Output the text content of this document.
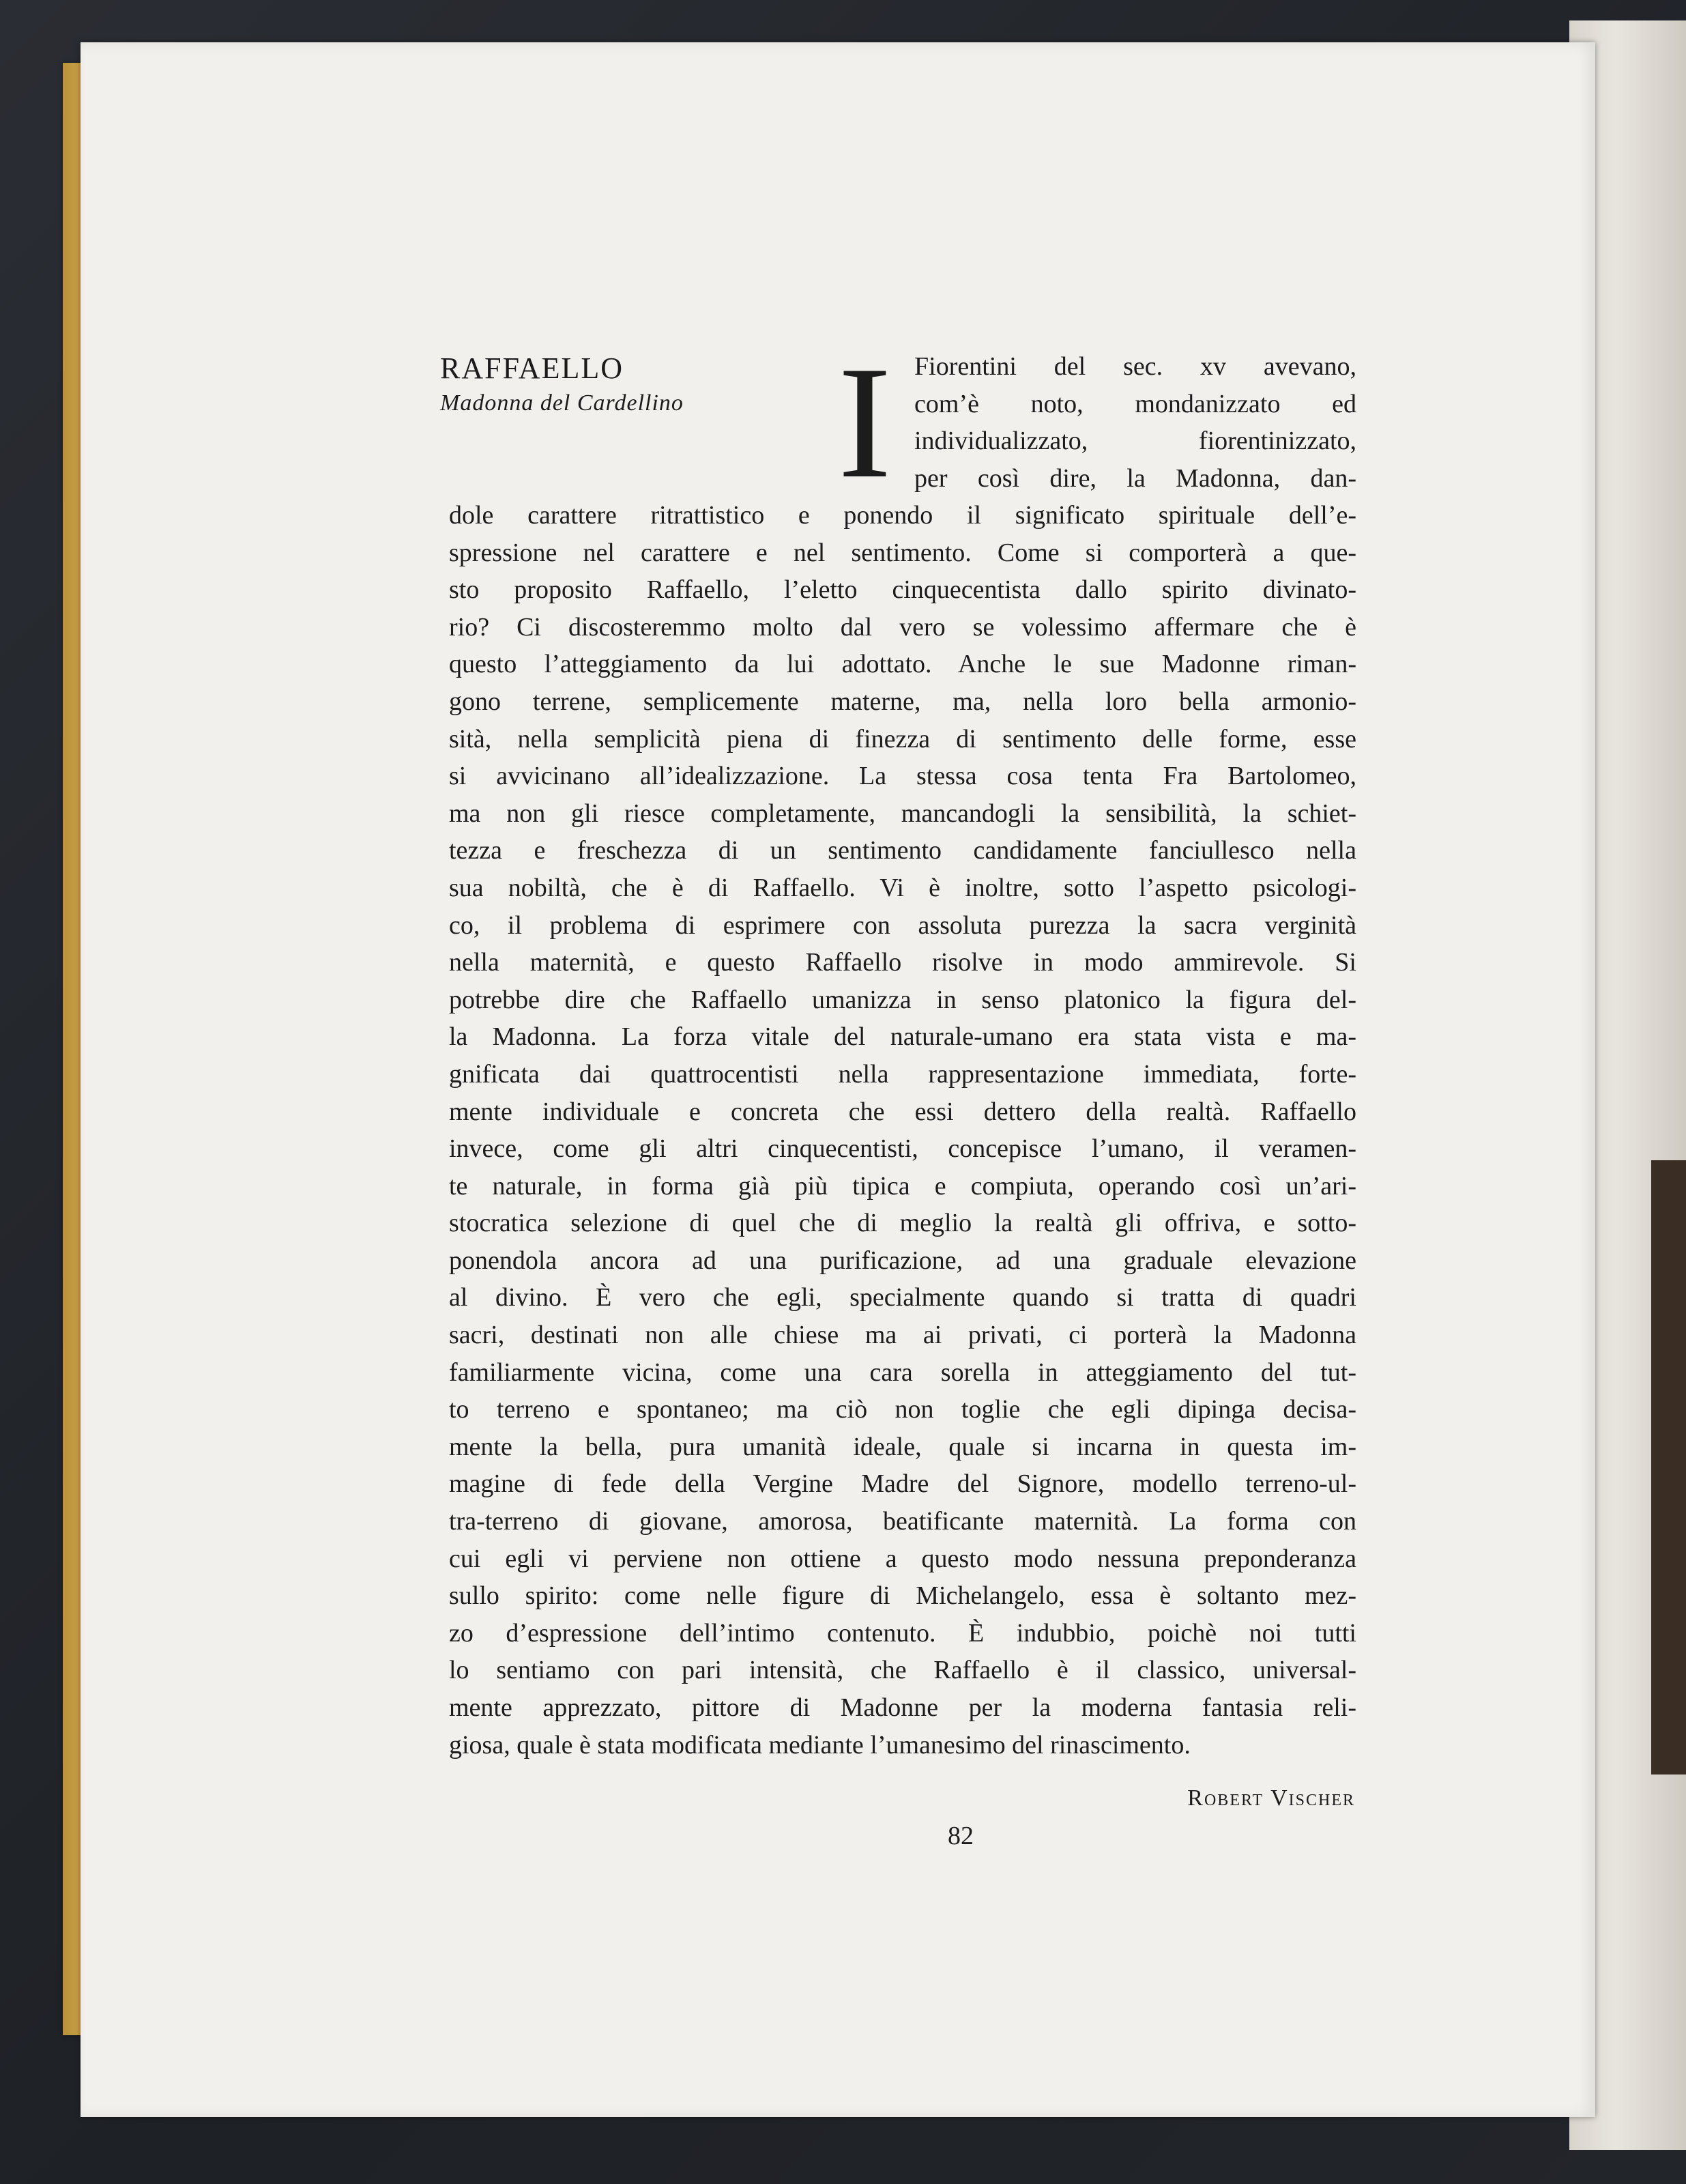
RAFFAELLO

Madonna del Cardellino I Fiorentini del sec. xv avevano,

com’è noto, mondanizzato ed

individualizzato, fiorentinizzato,

per così dire, la Madonna, dan-

dole carattere ritrattistico e ponendo il significato spirituale dell’e-

spressione nel carattere e nel sentimento. Come si comporterà a que-

sto proposito Raffaello, l’eletto cinquecentista dallo spirito divinato-

rio? Ci discosteremmo molto dal vero se volessimo affermare che è

questo l’atteggiamento da lui adottato. Anche le sue Madonne riman-

gono terrene, semplicemente materne, ma, nella loro bella armonio-

sità, nella semplicità piena di finezza di sentimento delle forme, esse

si avvicinano all’idealizzazione. La stessa cosa tenta Fra Bartolomeo,

ma non gli riesce completamente, mancandogli la sensibilità, la schiet-

tezza e freschezza di un sentimento candidamente fanciullesco nella

sua nobiltà, che è di Raffaello. Vi è inoltre, sotto l’aspetto psicologi-

co, il problema di esprimere con assoluta purezza la sacra verginità

nella maternità, e questo Raffaello risolve in modo ammirevole. Si

potrebbe dire che Raffaello umanizza in senso platonico la figura del-

la Madonna. La forza vitale del naturale-umano era stata vista e ma-

gnificata dai quattrocentisti nella rappresentazione immediata, forte-

mente individuale e concreta che essi dettero della realtà. Raffaello

invece, come gli altri cinquecentisti, concepisce l’umano, il veramen-

te naturale, in forma già più tipica e compiuta, operando così un’ari-

stocratica selezione di quel che di meglio la realtà gli offriva, e sotto-

ponendola ancora ad una purificazione, ad una graduale elevazione

al divino. È vero che egli, specialmente quando si tratta di quadri

sacri, destinati non alle chiese ma ai privati, ci porterà la Madonna

familiarmente vicina, come una cara sorella in atteggiamento del tut-

to terreno e spontaneo; ma ciò non toglie che egli dipinga decisa-

mente la bella, pura umanità ideale, quale si incarna in questa im-

magine di fede della Vergine Madre del Signore, modello terreno-ul-

tra-terreno di giovane, amorosa, beatificante maternità. La forma con

cui egli vi perviene non ottiene a questo modo nessuna preponderanza

sullo spirito: come nelle figure di Michelangelo, essa è soltanto mez-

zo d’espressione dell’intimo contenuto. È indubbio, poichè noi tutti

lo sentiamo con pari intensità, che Raffaello è il classico, universal-

mente apprezzato, pittore di Madonne per la moderna fantasia reli-

giosa, quale è stata modificata mediante l’umanesimo del rinascimento.

Robert Vischer
82
